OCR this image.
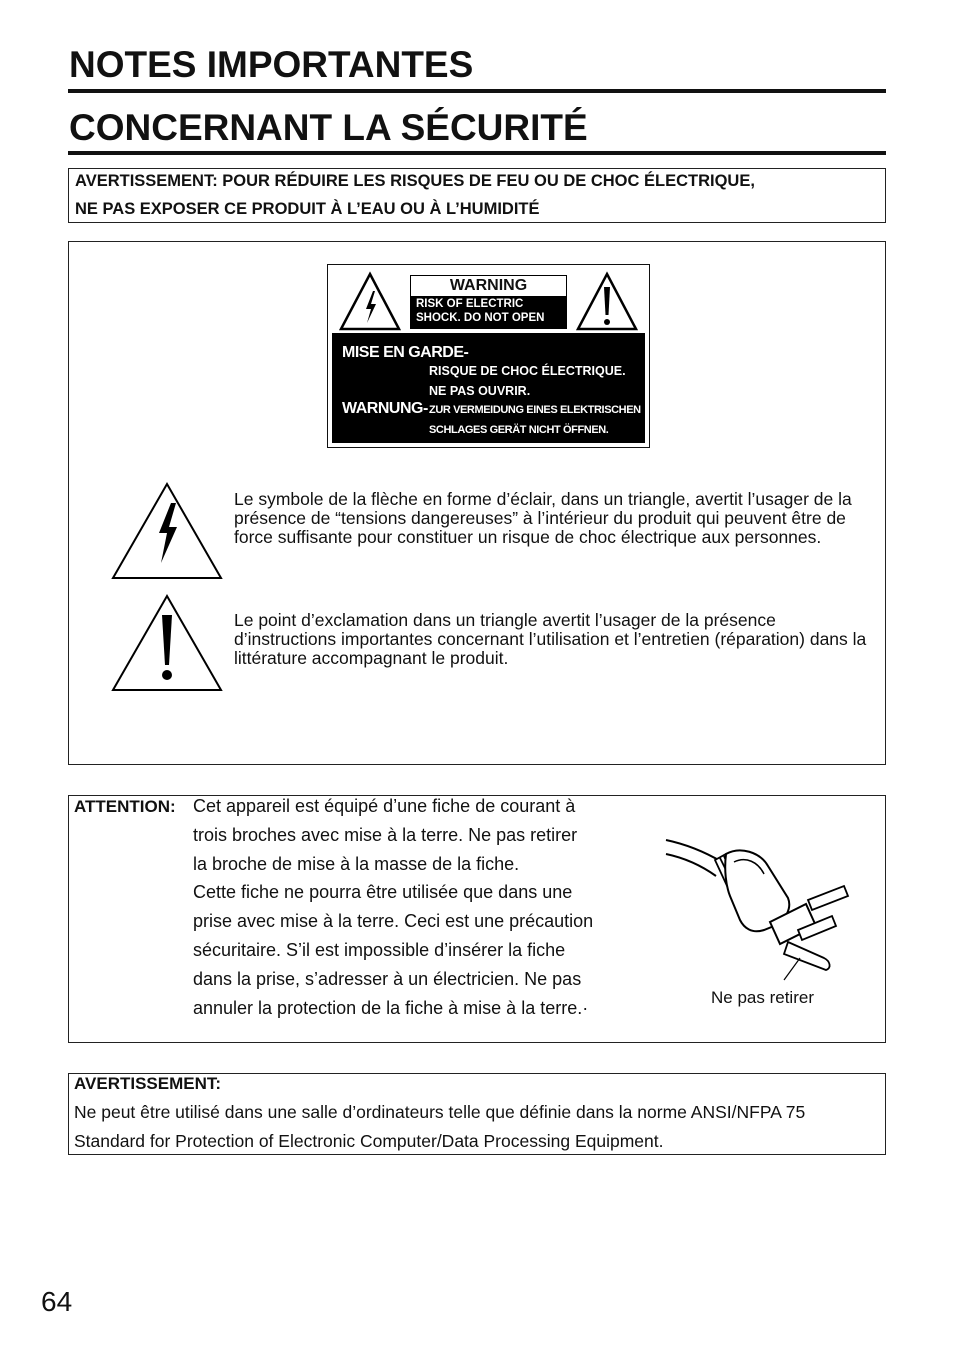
NOTES IMPORTANTES
CONCERNANT LA SÉCURITÉ
AVERTISSEMENT: POUR RÉDUIRE LES RISQUES DE FEU OU DE CHOC ÉLECTRIQUE,
NE PAS EXPOSER CE PRODUIT À L’EAU OU À L’HUMIDITÉ
WARNING
RISK OF ELECTRIC
SHOCK. DO NOT OPEN
MISE EN GARDE-
RISQUE DE CHOC ÉLECTRIQUE.
NE PAS OUVRIR.
WARNUNG- ZUR VERMEIDUNG EINES ELEKTRISCHEN
SCHLAGES GERÄT NICHT ÖFFNEN.
Le symbole de la flèche en forme d’éclair, dans un triangle, avertit l’usager de la présence de “tensions dangereuses” à l’intérieur du produit qui peuvent être de force suffisante pour constituer un risque de choc électrique aux personnes.
Le point d’exclamation dans un triangle avertit l’usager de la présence d’instructions importantes concernant l’utilisation et l’entretien (réparation) dans la littérature accompagnant le produit.
ATTENTION: Cet appareil est équipé d’une fiche de courant à
trois broches avec mise à la terre. Ne pas retirer
la broche de mise à la masse de la fiche.
Cette fiche ne pourra être utilisée que dans une
prise avec mise à la terre. Ceci est une précaution
sécuritaire. S’il est impossible d’insérer la fiche
dans la prise, s’adresser à un électricien. Ne pas
annuler la protection de la fiche à mise à la terre.·
Ne pas retirer
AVERTISSEMENT:
Ne peut être utilisé dans une salle d’ordinateurs telle que définie dans la norme ANSI/NFPA 75
Standard for Protection of Electronic Computer/Data Processing Equipment.
64
